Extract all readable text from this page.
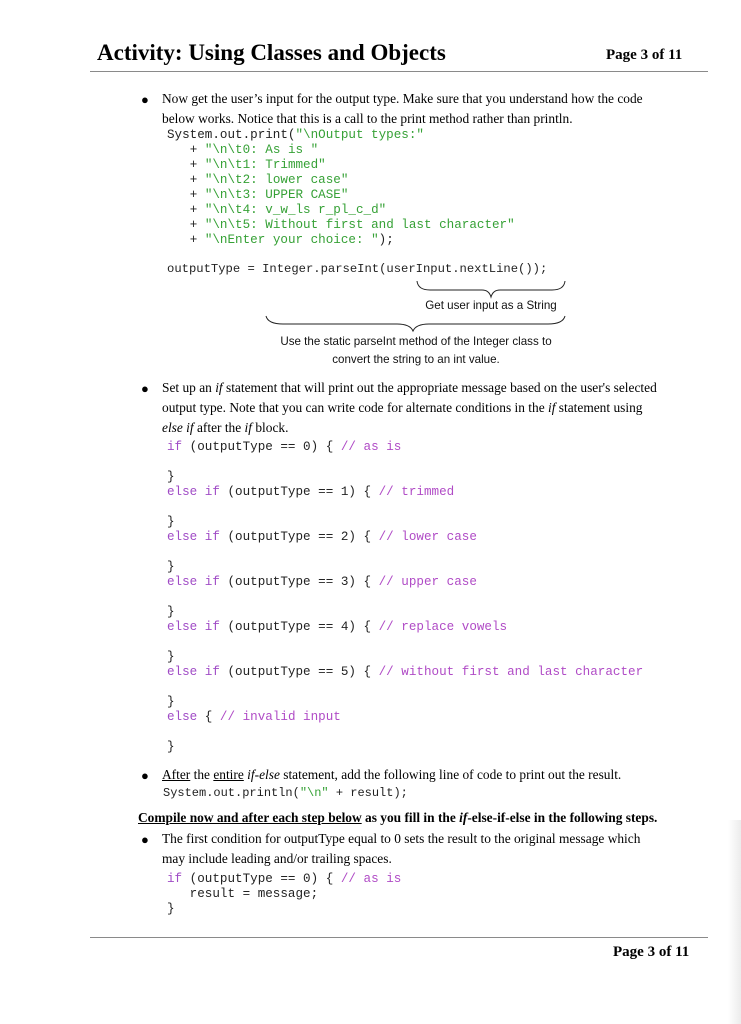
Activity: Using Classes and Objects	Page 3 of 11
● Now get the user’s input for the output type. Make sure that you understand how the code
below works. Notice that this is a call to the print method rather than println.
System.out.print("\nOutput types:"
+ "\n\t0: As is "
+ "\n\t1: Trimmed"
+ "\n\t2: lower case"
+ "\n\t3: UPPER CASE"
+ "\n\t4: v_w_ls r_pl_c_d"
+ "\n\t5: Without first and last character"
+ "\nEnter your choice: ");
outputType = Integer.parseInt(userInput.nextLine());
Get user input as a String
Use the static parseInt method of the Integer class to
convert the string to an int value.
● Set up an if statement that will print out the appropriate message based on the user's selected
output type. Note that you can write code for alternate conditions in the if statement using
else if after the if block.
if (outputType == 0) { // as is

}
else if (outputType == 1) { // trimmed

}
else if (outputType == 2) { // lower case

}
else if (outputType == 3) { // upper case

}
else if (outputType == 4) { // replace vowels

}
else if (outputType == 5) { // without first and last character

}
else { // invalid input

}
● After the entire if-else statement, add the following line of code to print out the result.
System.out.println("\n" + result);
Compile now and after each step below as you fill in the if-else-if-else in the following steps.
● The first condition for outputType equal to 0 sets the result to the original message which
may include leading and/or trailing spaces.
if (outputType == 0) { // as is
result = message;
}
Page 3 of 11
